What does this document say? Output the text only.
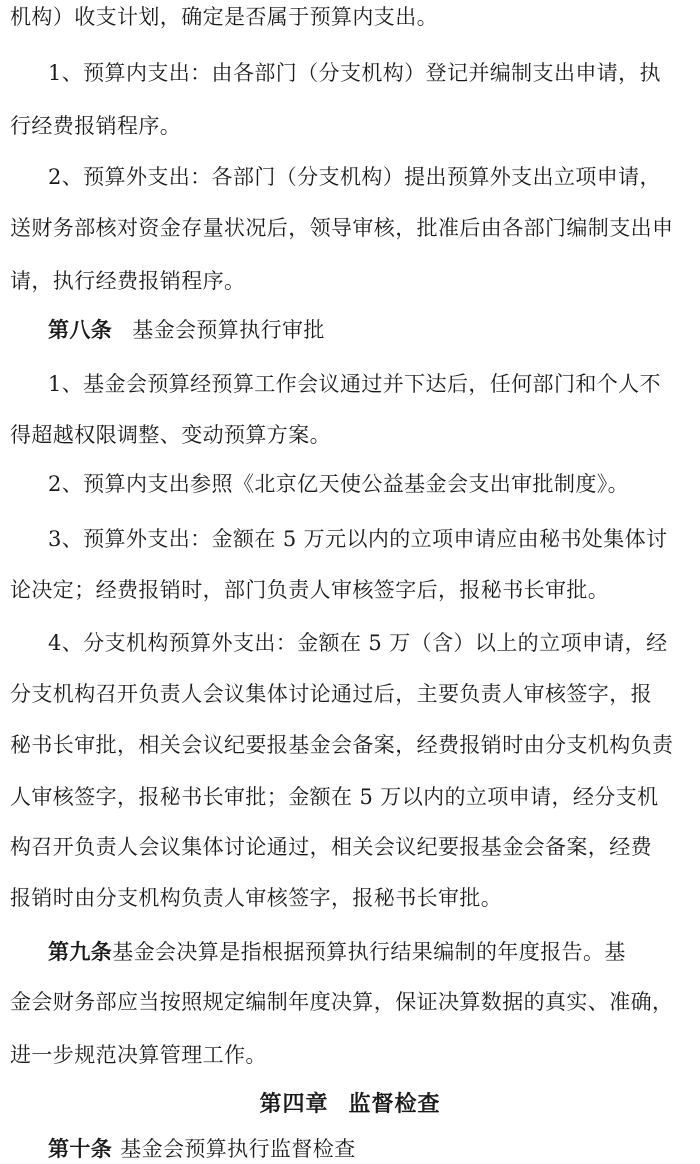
机构）收支计划，确定是否属于预算内支出。
1、预算内支出：由各部门（分支机构）登记并编制支出申请，执
行经费报销程序。
2、预算外支出：各部门（分支机构）提出预算外支出立项申请，
送财务部核对资金存量状况后，领导审核，批准后由各部门编制支出申
请，执行经费报销程序。
第八条 基金会预算执行审批
1、基金会预算经预算工作会议通过并下达后，任何部门和个人不
得超越权限调整、变动预算方案。
2、预算内支出参照《北京亿天使公益基金会支出审批制度》。
3、预算外支出：金额在 5 万元以内的立项申请应由秘书处集体讨
论决定；经费报销时，部门负责人审核签字后，报秘书长审批。
4、分支机构预算外支出：金额在 5 万（含）以上的立项申请，经
分支机构召开负责人会议集体讨论通过后，主要负责人审核签字，报
秘书长审批，相关会议纪要报基金会备案，经费报销时由分支机构负责
人审核签字，报秘书长审批；金额在 5 万以内的立项申请，经分支机
构召开负责人会议集体讨论通过，相关会议纪要报基金会备案，经费
报销时由分支机构负责人审核签字，报秘书长审批。
第九条基金会决算是指根据预算执行结果编制的年度报告。基
金会财务部应当按照规定编制年度决算，保证决算数据的真实、准确，
进一步规范决算管理工作。
第四章 监督检查
第十条 基金会预算执行监督检查
